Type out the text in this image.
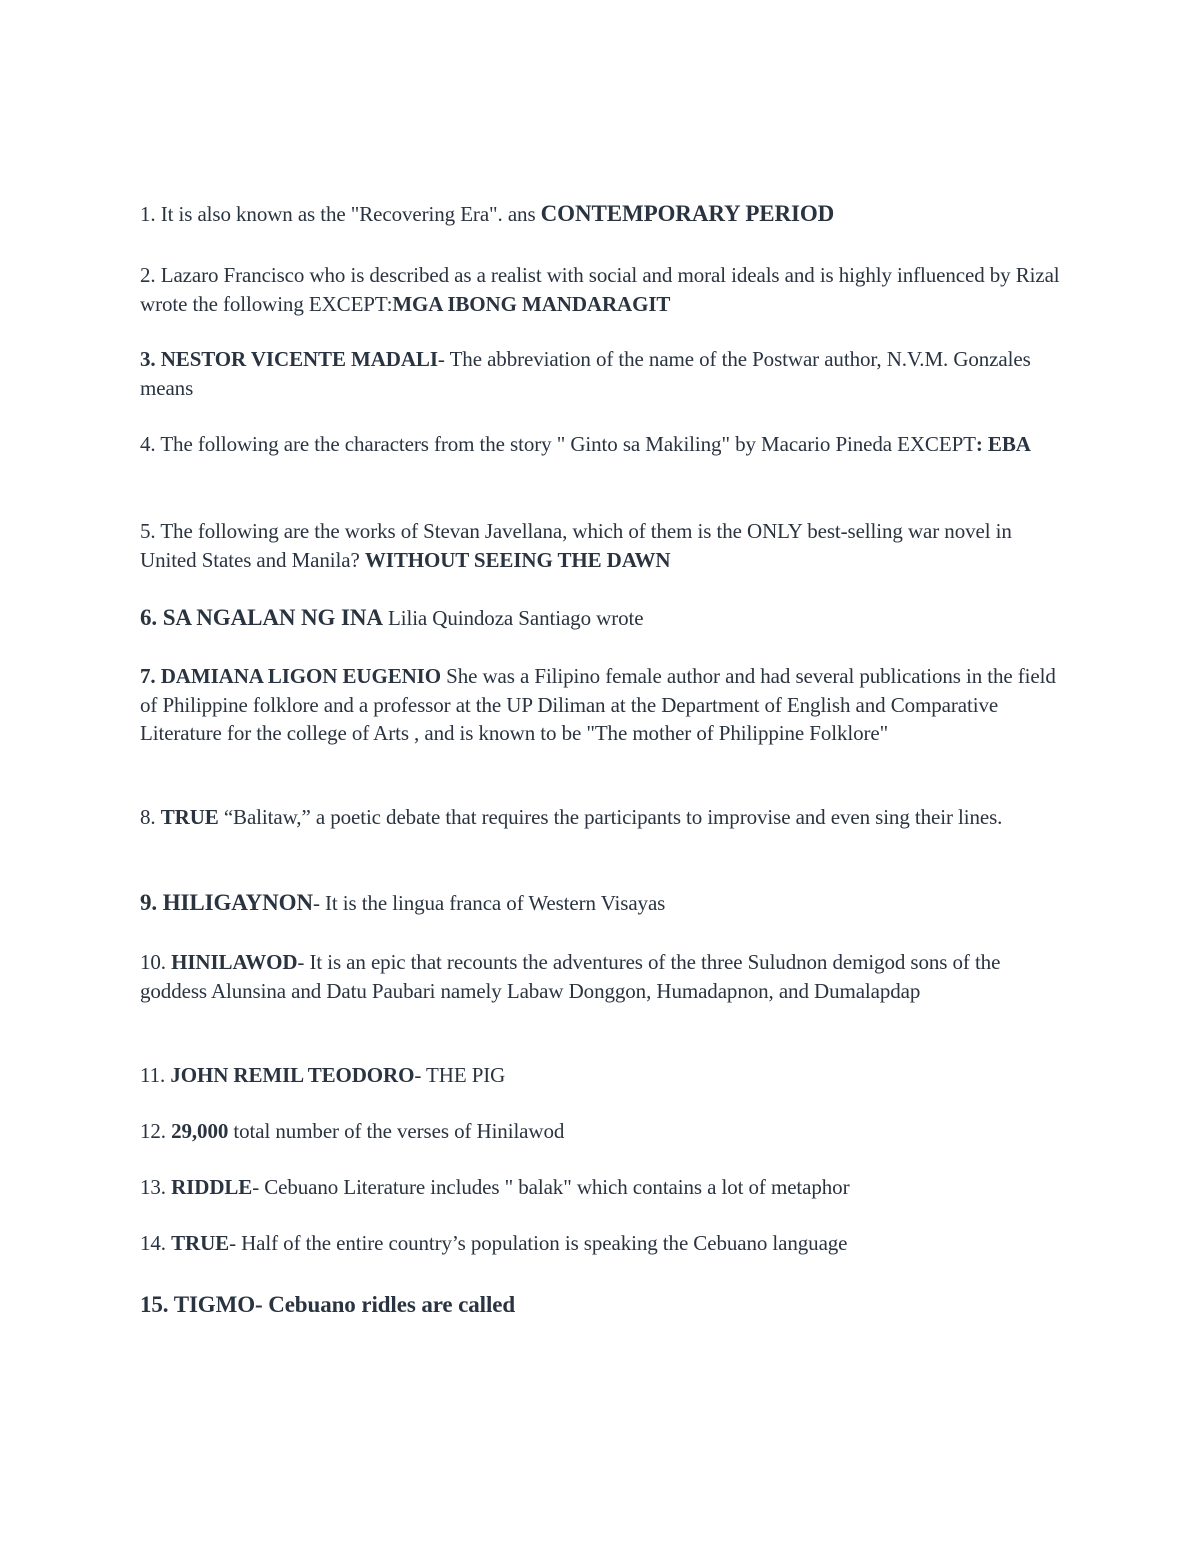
1. It is also known as the "Recovering Era". ans CONTEMPORARY PERIOD
2. Lazaro Francisco who is described as a realist with social and moral ideals and is highly influenced by Rizal wrote the following EXCEPT:MGA IBONG MANDARAGIT
3. NESTOR VICENTE MADALI- The abbreviation of the name of the Postwar author, N.V.M. Gonzales means
4. The following are the characters from the story " Ginto sa Makiling" by Macario Pineda EXCEPT: EBA
5. The following are the works of Stevan Javellana, which of them is the ONLY best-selling war novel in United States and Manila? WITHOUT SEEING THE DAWN
6. SA NGALAN NG INA Lilia Quindoza Santiago wrote
7. DAMIANA LIGON EUGENIO She was a Filipino female author and had several publications in the field of Philippine folklore and a professor at the UP Diliman at the Department of English and Comparative Literature for the college of Arts , and is known to be "The mother of Philippine Folklore"
8. TRUE “Balitaw,” a poetic debate that requires the participants to improvise and even sing their lines.
9. HILIGAYNON- It is the lingua franca of Western Visayas
10. HINILAWOD- It is an epic that recounts the adventures of the three Suludnon demigod sons of the goddess Alunsina and Datu Paubari namely Labaw Donggon, Humadapnon, and Dumalapdap
11. JOHN REMIL TEODORO- THE PIG
12. 29,000 total number of the verses of Hinilawod
13. RIDDLE- Cebuano Literature includes " balak" which contains a lot of metaphor
14. TRUE- Half of the entire country’s population is speaking the Cebuano language
15. TIGMO- Cebuano ridles are called
